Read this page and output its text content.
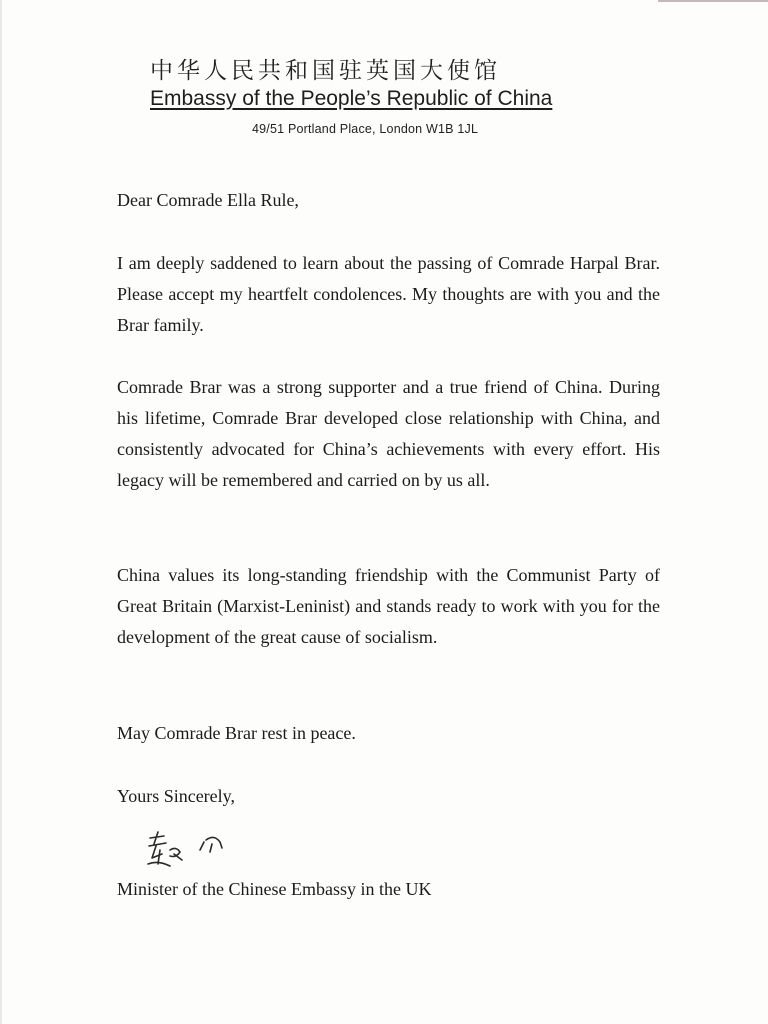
中华人民共和国驻英国大使馆
Embassy of the People’s Republic of China
49/51 Portland Place, London W1B 1JL
Dear Comrade Ella Rule,
I am deeply saddened to learn about the passing of Comrade Harpal Brar. Please accept my heartfelt condolences. My thoughts are with you and the Brar family.
Comrade Brar was a strong supporter and a true friend of China. During his lifetime, Comrade Brar developed close relationship with China, and consistently advocated for China’s achievements with every effort. His legacy will be remembered and carried on by us all.
China values its long-standing friendship with the Communist Party of Great Britain (Marxist-Leninist) and stands ready to work with you for the development of the great cause of socialism.
May Comrade Brar rest in peace.
Yours Sincerely,
Minister of the Chinese Embassy in the UK
